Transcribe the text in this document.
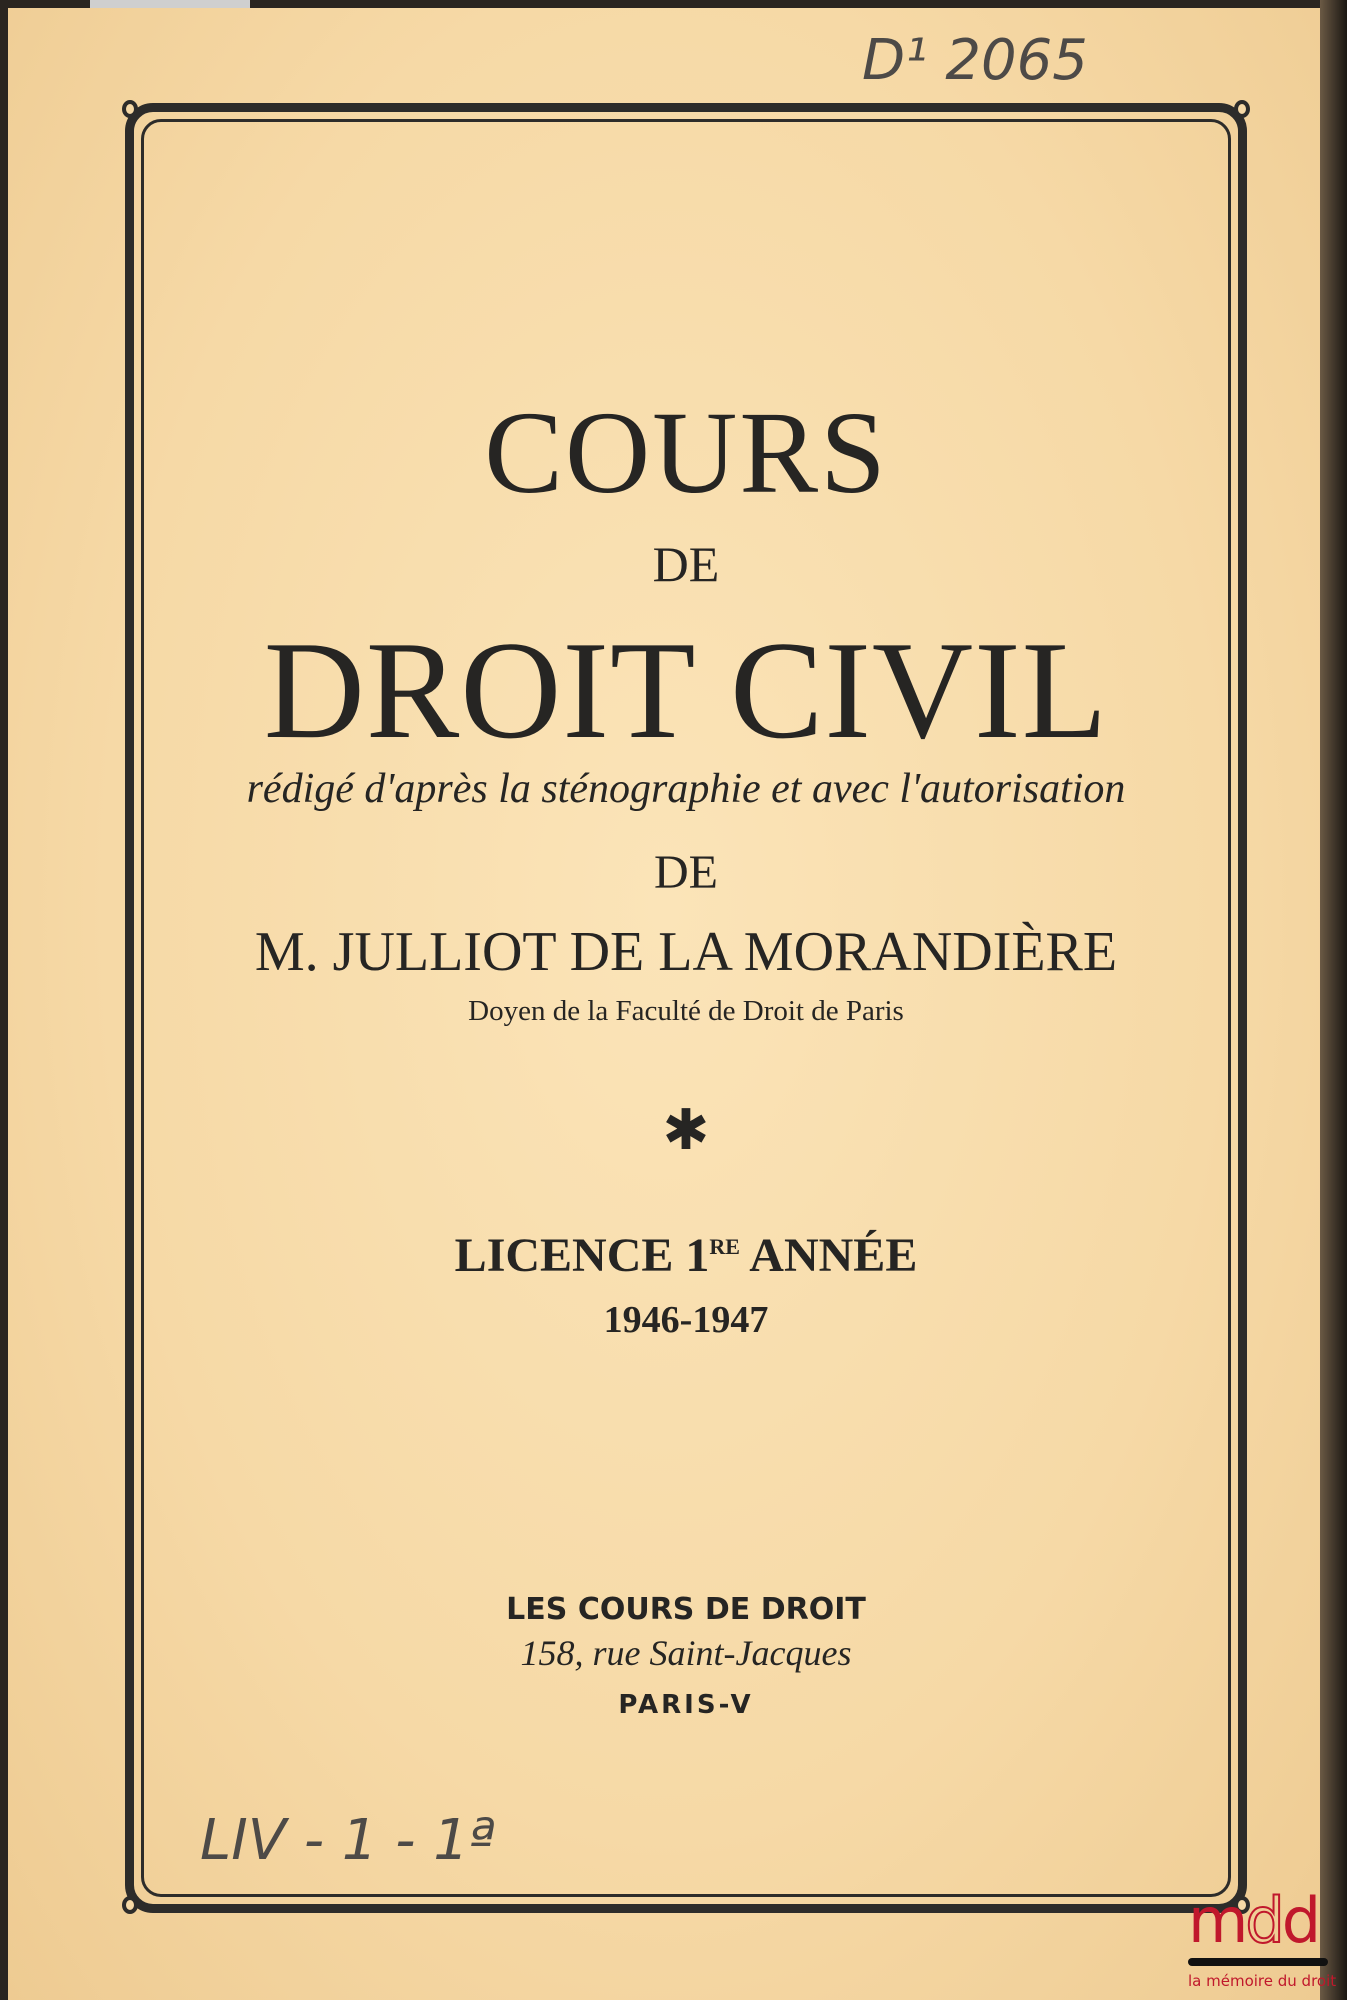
D¹ 2065

COURS

DE

DROIT CIVIL

rédigé d'après la sténographie et avec l'autorisation

DE

M. JULLIOT DE LA MORANDIÈRE

Doyen de la Faculté de Droit de Paris

✱

LICENCE 1RE ANNÉE

1946-1947

LES COURS DE DROIT

158, rue Saint-Jacques

PARIS-V

LIV - 1 - 1ª
mdd
la mémoire du droit
